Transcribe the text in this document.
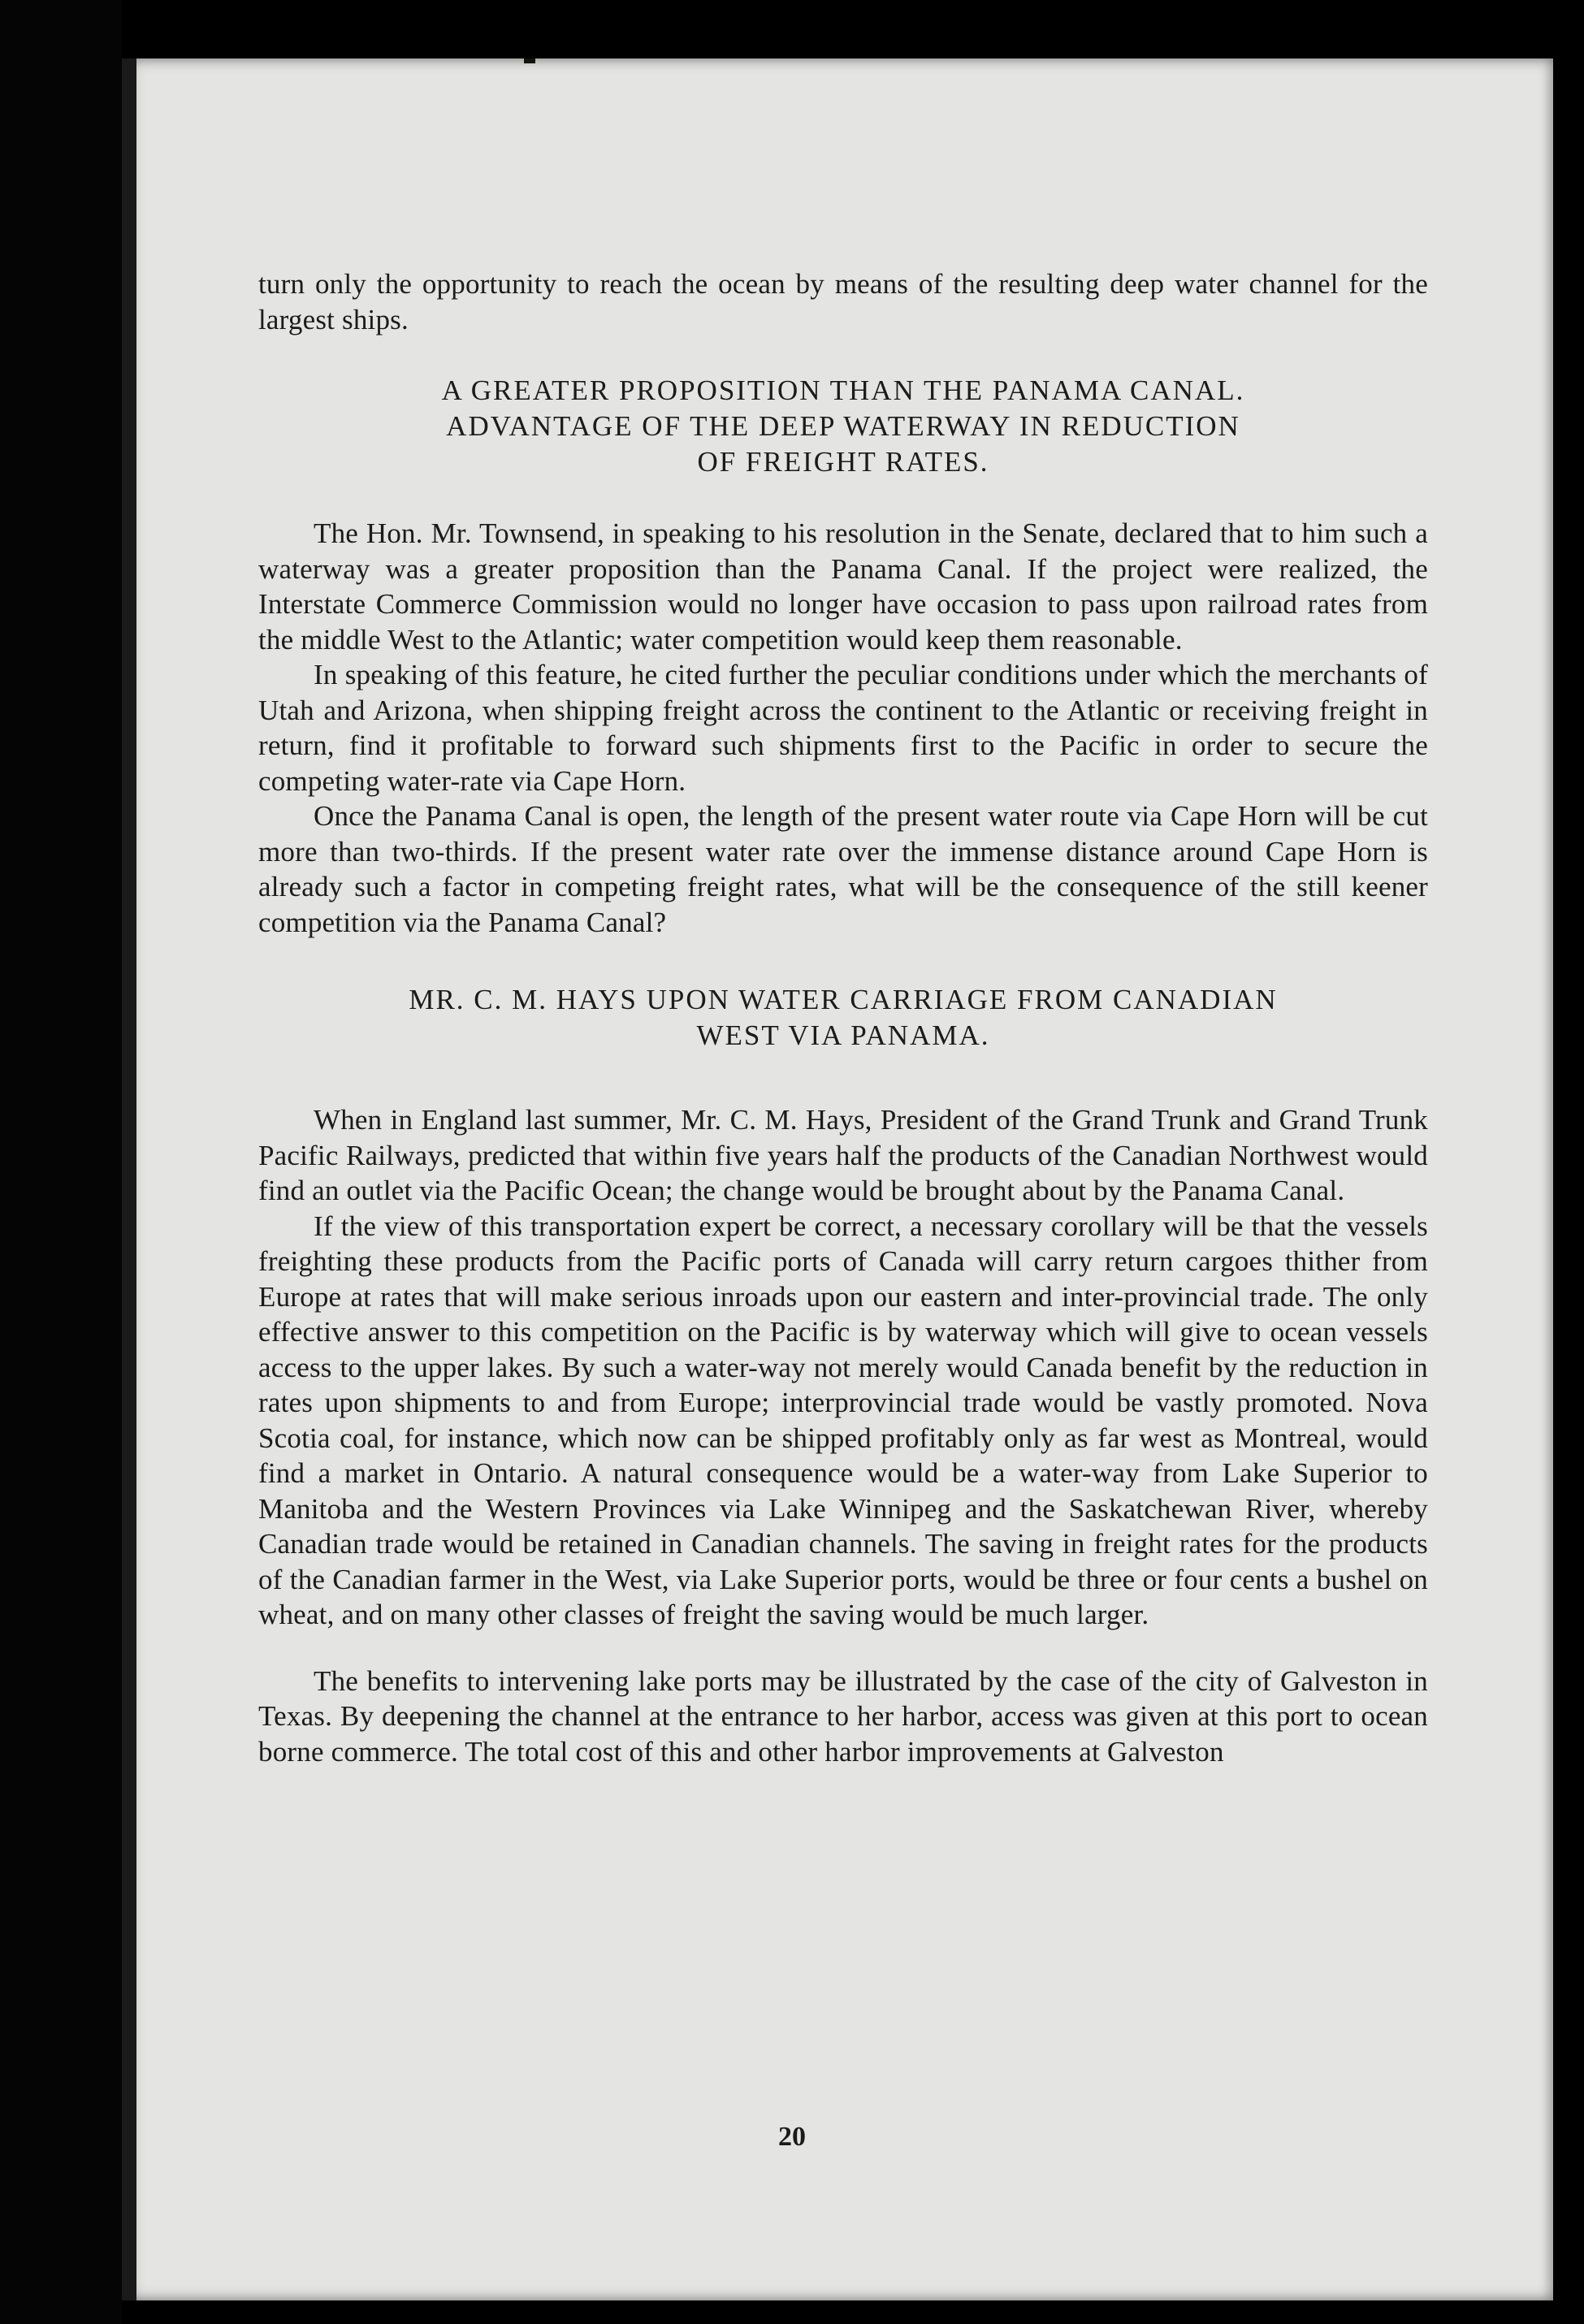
turn only the opportunity to reach the ocean by means of the resulting deep water channel for the largest ships.

A GREATER PROPOSITION THAN THE PANAMA CANAL.

ADVANTAGE OF THE DEEP WATERWAY IN REDUCTION

OF FREIGHT RATES.

The Hon. Mr. Townsend, in speaking to his resolution in the Senate, declared that to him such a waterway was a greater proposition than the Panama Canal. If the project were realized, the Interstate Commerce Commission would no longer have occasion to pass upon railroad rates from the middle West to the Atlantic; water competition would keep them reasonable.

In speaking of this feature, he cited further the peculiar conditions under which the merchants of Utah and Arizona, when shipping freight across the continent to the Atlantic or receiving freight in return, find it profitable to forward such shipments first to the Pacific in order to secure the competing water-rate via Cape Horn.

Once the Panama Canal is open, the length of the present water route via Cape Horn will be cut more than two-thirds. If the present water rate over the immense distance around Cape Horn is already such a factor in competing freight rates, what will be the consequence of the still keener competition via the Panama Canal?

MR. C. M. HAYS UPON WATER CARRIAGE FROM CANADIAN

WEST VIA PANAMA.

When in England last summer, Mr. C. M. Hays, President of the Grand Trunk and Grand Trunk Pacific Railways, predicted that within five years half the products of the Canadian Northwest would find an outlet via the Pacific Ocean; the change would be brought about by the Panama Canal.

If the view of this transportation expert be correct, a necessary corollary will be that the vessels freighting these products from the Pacific ports of Canada will carry return cargoes thither from Europe at rates that will make serious inroads upon our eastern and inter-provincial trade. The only effective answer to this competition on the Pacific is by waterway which will give to ocean vessels access to the upper lakes. By such a water-way not merely would Canada benefit by the reduction in rates upon shipments to and from Europe; interprovincial trade would be vastly promoted. Nova Scotia coal, for instance, which now can be shipped profitably only as far west as Montreal, would find a market in Ontario. A natural consequence would be a water-way from Lake Superior to Manitoba and the Western Provinces via Lake Winnipeg and the Saskatchewan River, whereby Canadian trade would be retained in Canadian channels. The saving in freight rates for the products of the Canadian farmer in the West, via Lake Superior ports, would be three or four cents a bushel on wheat, and on many other classes of freight the saving would be much larger.

The benefits to intervening lake ports may be illustrated by the case of the city of Galveston in Texas. By deepening the channel at the entrance to her harbor, access was given at this port to ocean borne commerce. The total cost of this and other harbor improvements at Galveston

20
